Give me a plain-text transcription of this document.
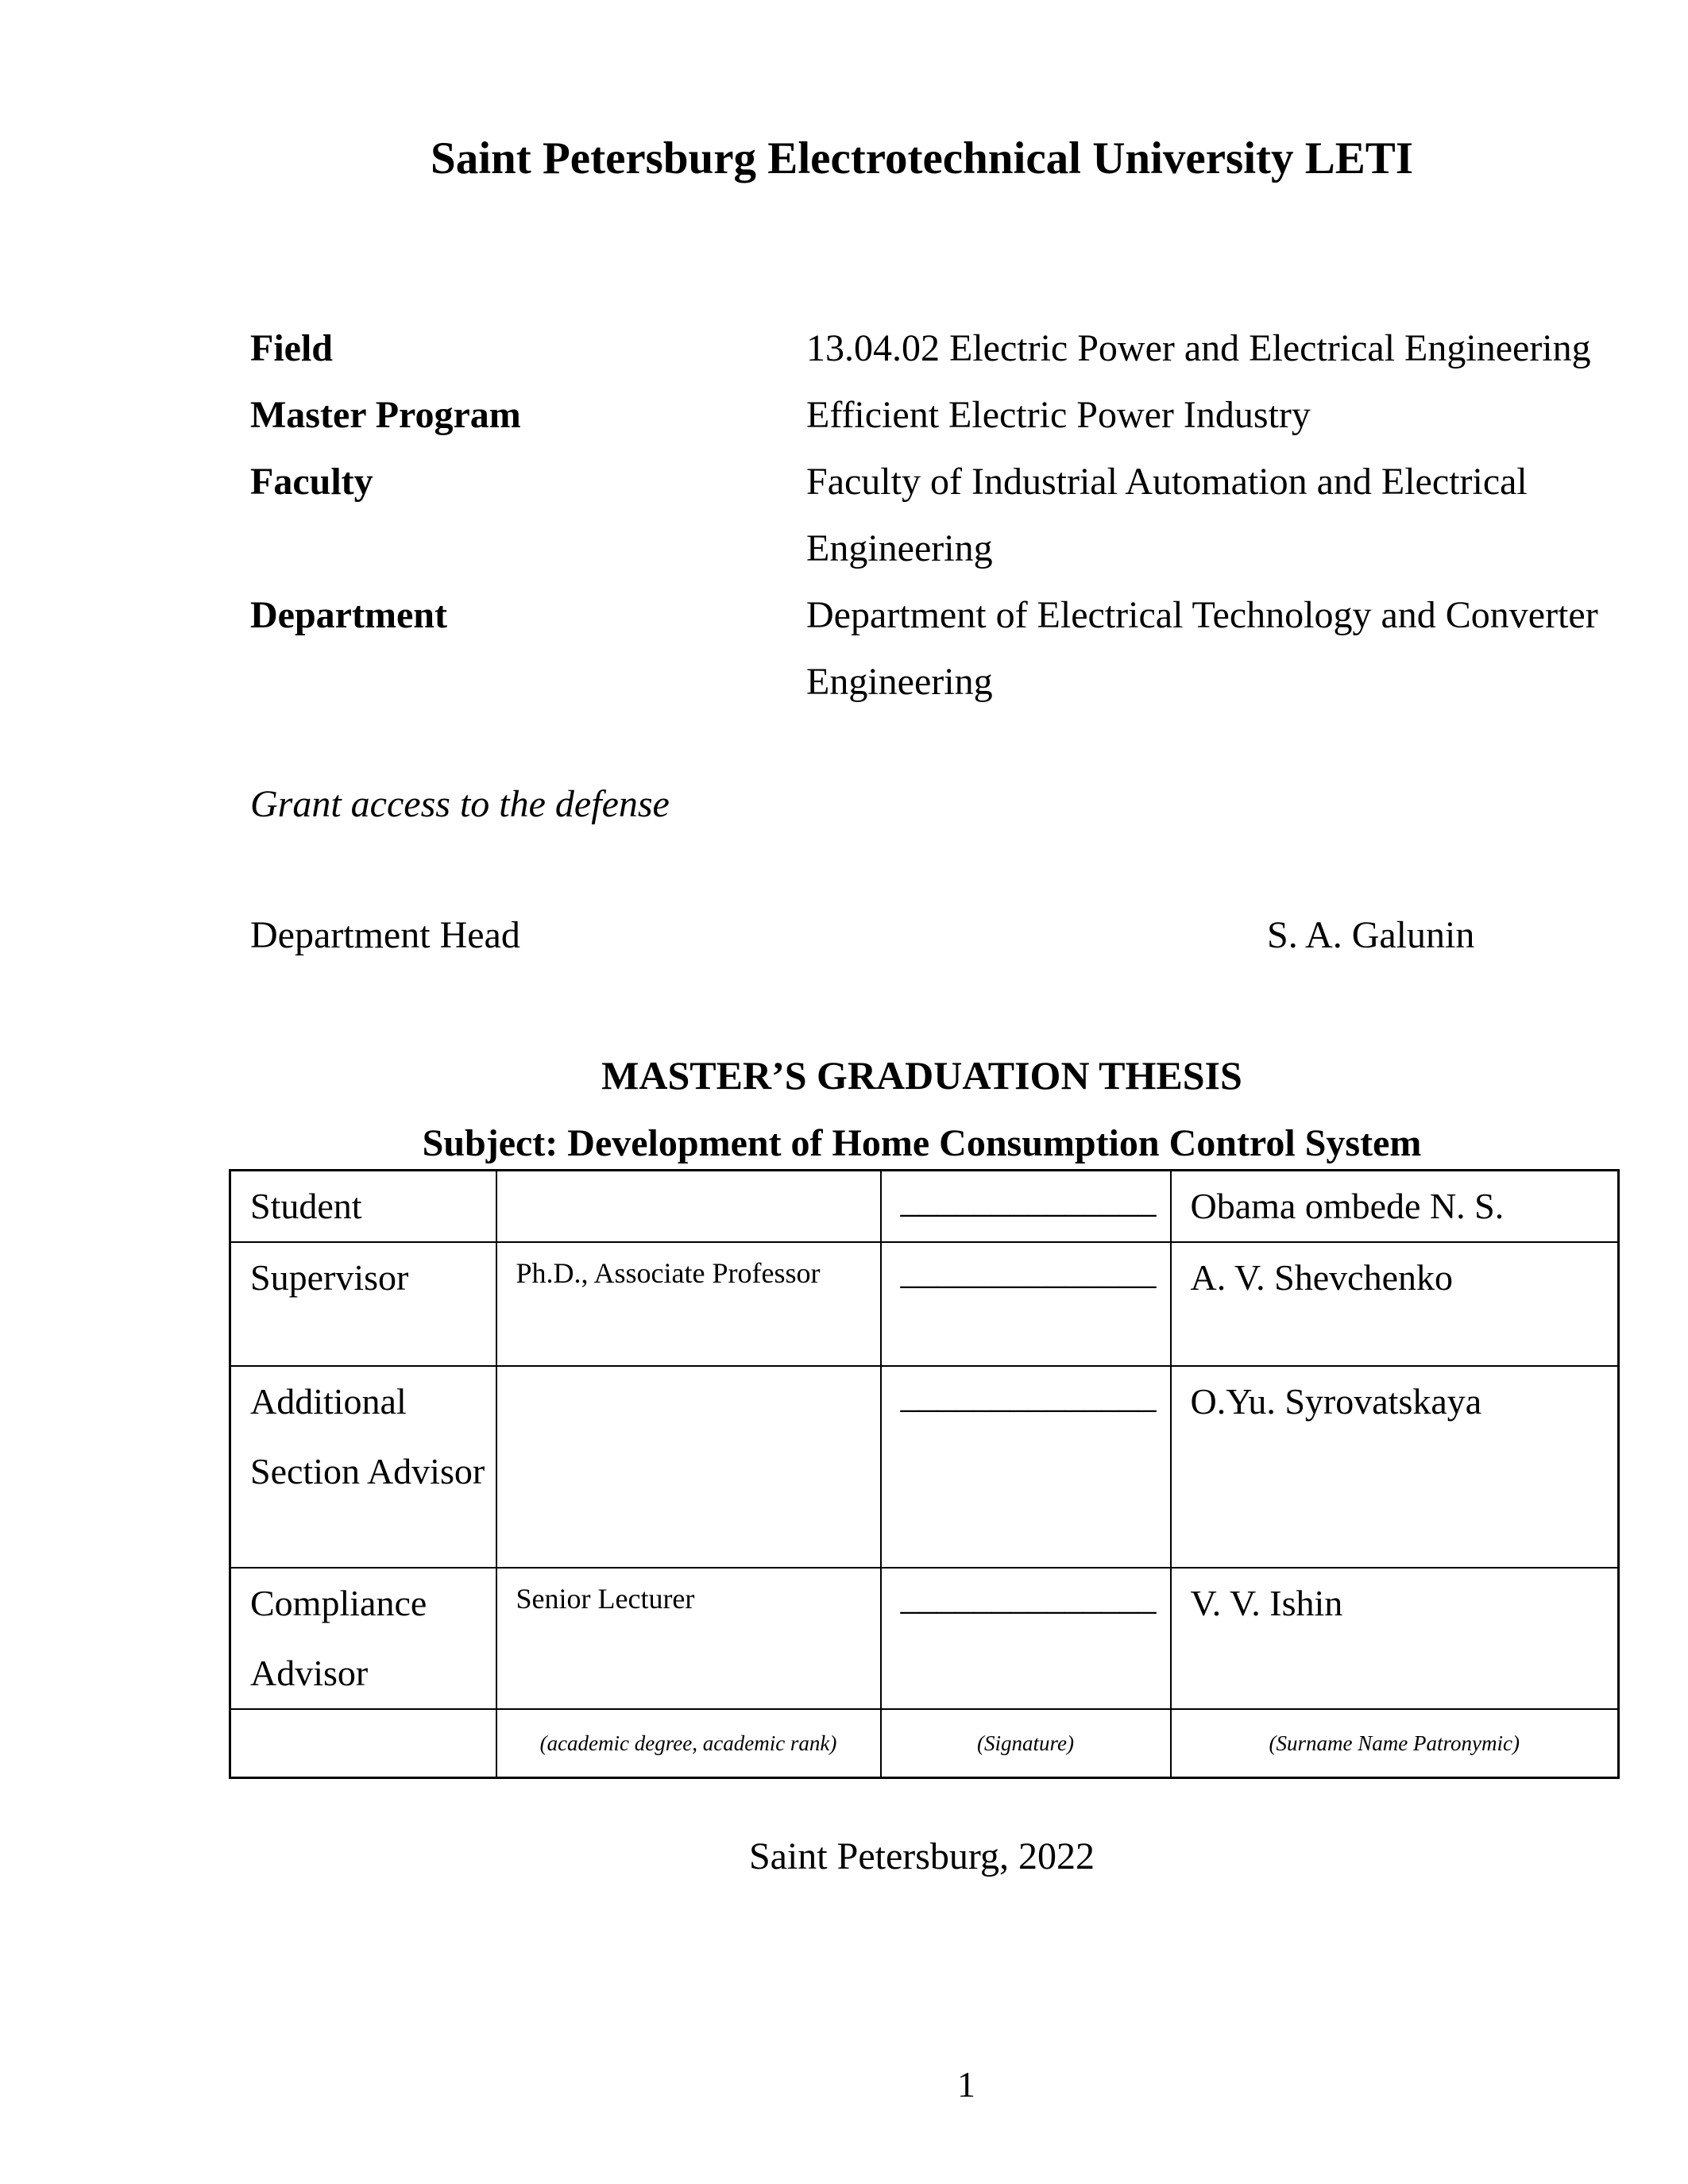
Saint Petersburg Electrotechnical University LETI
Field	13.04.02 Electric Power and Electrical Engineering
Master Program	Efficient Electric Power Industry
Faculty	Faculty of Industrial Automation and Electrical Engineering
Department	Department of Electrical Technology and Converter Engineering
Grant access to the defense
Department Head	S. A. Galunin
MASTER’S GRADUATION THESIS
Subject: Development of Home Consumption Control System
Student		______________	Obama ombede N. S.
Supervisor	Ph.D., Associate Professor	______________	A. V. Shevchenko
Additional Section Advisor		______________	O.Yu. Syrovatskaya
Compliance Advisor	Senior Lecturer	______________	V. V. Ishin
	(academic degree, academic rank)	(Signature)	(Surname Name Patronymic)
Saint Petersburg, 2022
1
